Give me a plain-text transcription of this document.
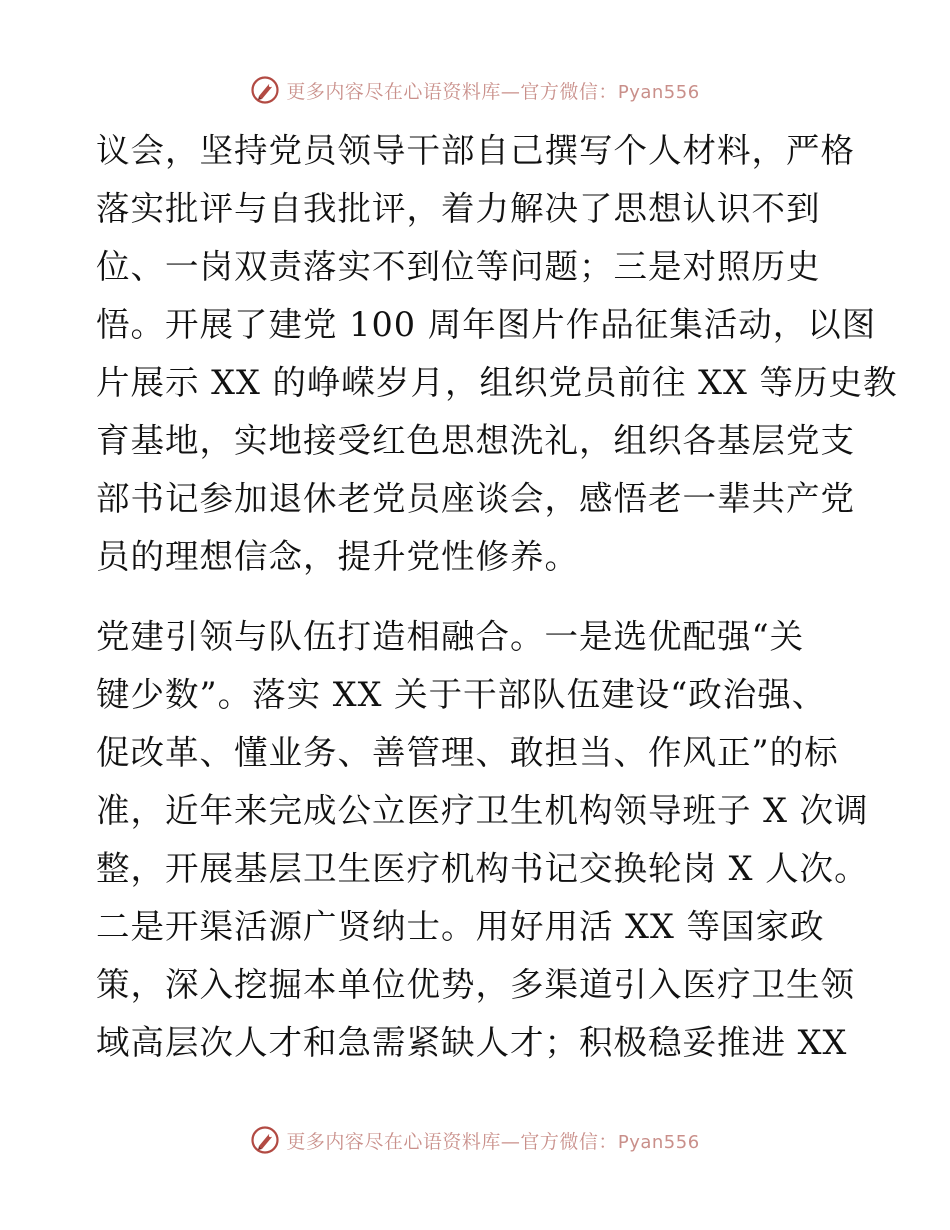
更多内容尽在心语资料库—官方微信：Pyan556
议会，坚持党员领导干部自己撰写个人材料，严格
落实批评与自我批评，着力解决了思想认识不到
位、一岗双责落实不到位等问题；三是对照历史
悟。开展了建党 100 周年图片作品征集活动，以图
片展示 XX 的峥嵘岁月，组织党员前往 XX 等历史教
育基地，实地接受红色思想洗礼，组织各基层党支
部书记参加退休老党员座谈会，感悟老一辈共产党
员的理想信念，提升党性修养。
党建引领与队伍打造相融合。一是选优配强“关
键少数”。落实 XX 关于干部队伍建设“政治强、
促改革、懂业务、善管理、敢担当、作风正”的标
准，近年来完成公立医疗卫生机构领导班子 X 次调
整，开展基层卫生医疗机构书记交换轮岗 X 人次。
二是开渠活源广贤纳士。用好用活 XX 等国家政
策，深入挖掘本单位优势，多渠道引入医疗卫生领
域高层次人才和急需紧缺人才；积极稳妥推进 XX
更多内容尽在心语资料库—官方微信：Pyan556
